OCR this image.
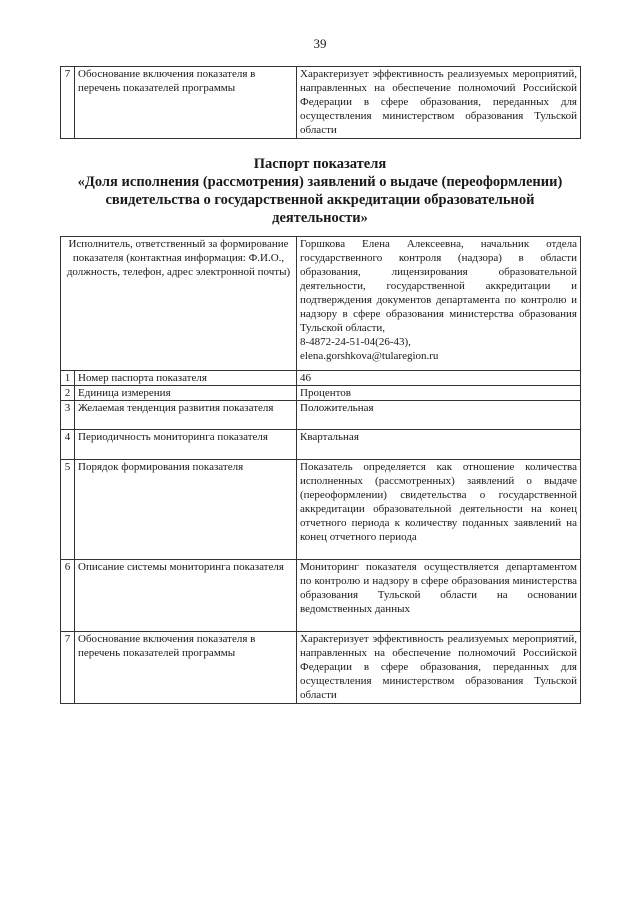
39
7	Обоснование включения показателя в перечень показателей программы	Характеризует эффективность реализуемых мероприятий, направленных на обеспечение полномочий Российской Федерации в сфере образования, переданных для осуществления министерством образования Тульской области
Паспорт показателя
«Доля исполнения (рассмотрения) заявлений о выдаче (переоформлении)
свидетельства о государственной аккредитации образовательной
деятельности»
Исполнитель, ответственный за формирование показателя (контактная информация: Ф.И.О., должность, телефон, адрес электронной почты)		Горшкова Елена Алексеевна, начальник отдела государственного контроля (надзора) в области образования, лицензирования образовательной деятельности, государственной аккредитации и подтверждения документов департамента по контролю и надзору в сфере образования министерства образования Тульской области,
8-4872-24-51-04(26-43),
elena.gorshkova@tularegion.ru
1	Номер паспорта показателя	46
2	Единица измерения	Процентов
3	Желаемая тенденция развития показателя	Положительная
4	Периодичность мониторинга показателя	Квартальная
5	Порядок формирования показателя	Показатель определяется как отношение количества исполненных (рассмотренных) заявлений о выдаче (переоформлении) свидетельства о государственной аккредитации образовательной деятельности на конец отчетного периода к количеству поданных заявлений на конец отчетного периода
6	Описание системы мониторинга показателя	Мониторинг показателя осуществляется департаментом по контролю и надзору в сфере образования министерства образования Тульской области на основании ведомственных данных
7	Обоснование включения показателя в перечень показателей программы	Характеризует эффективность реализуемых мероприятий, направленных на обеспечение полномочий Российской Федерации в сфере образования, переданных для осуществления министерством образования Тульской области
